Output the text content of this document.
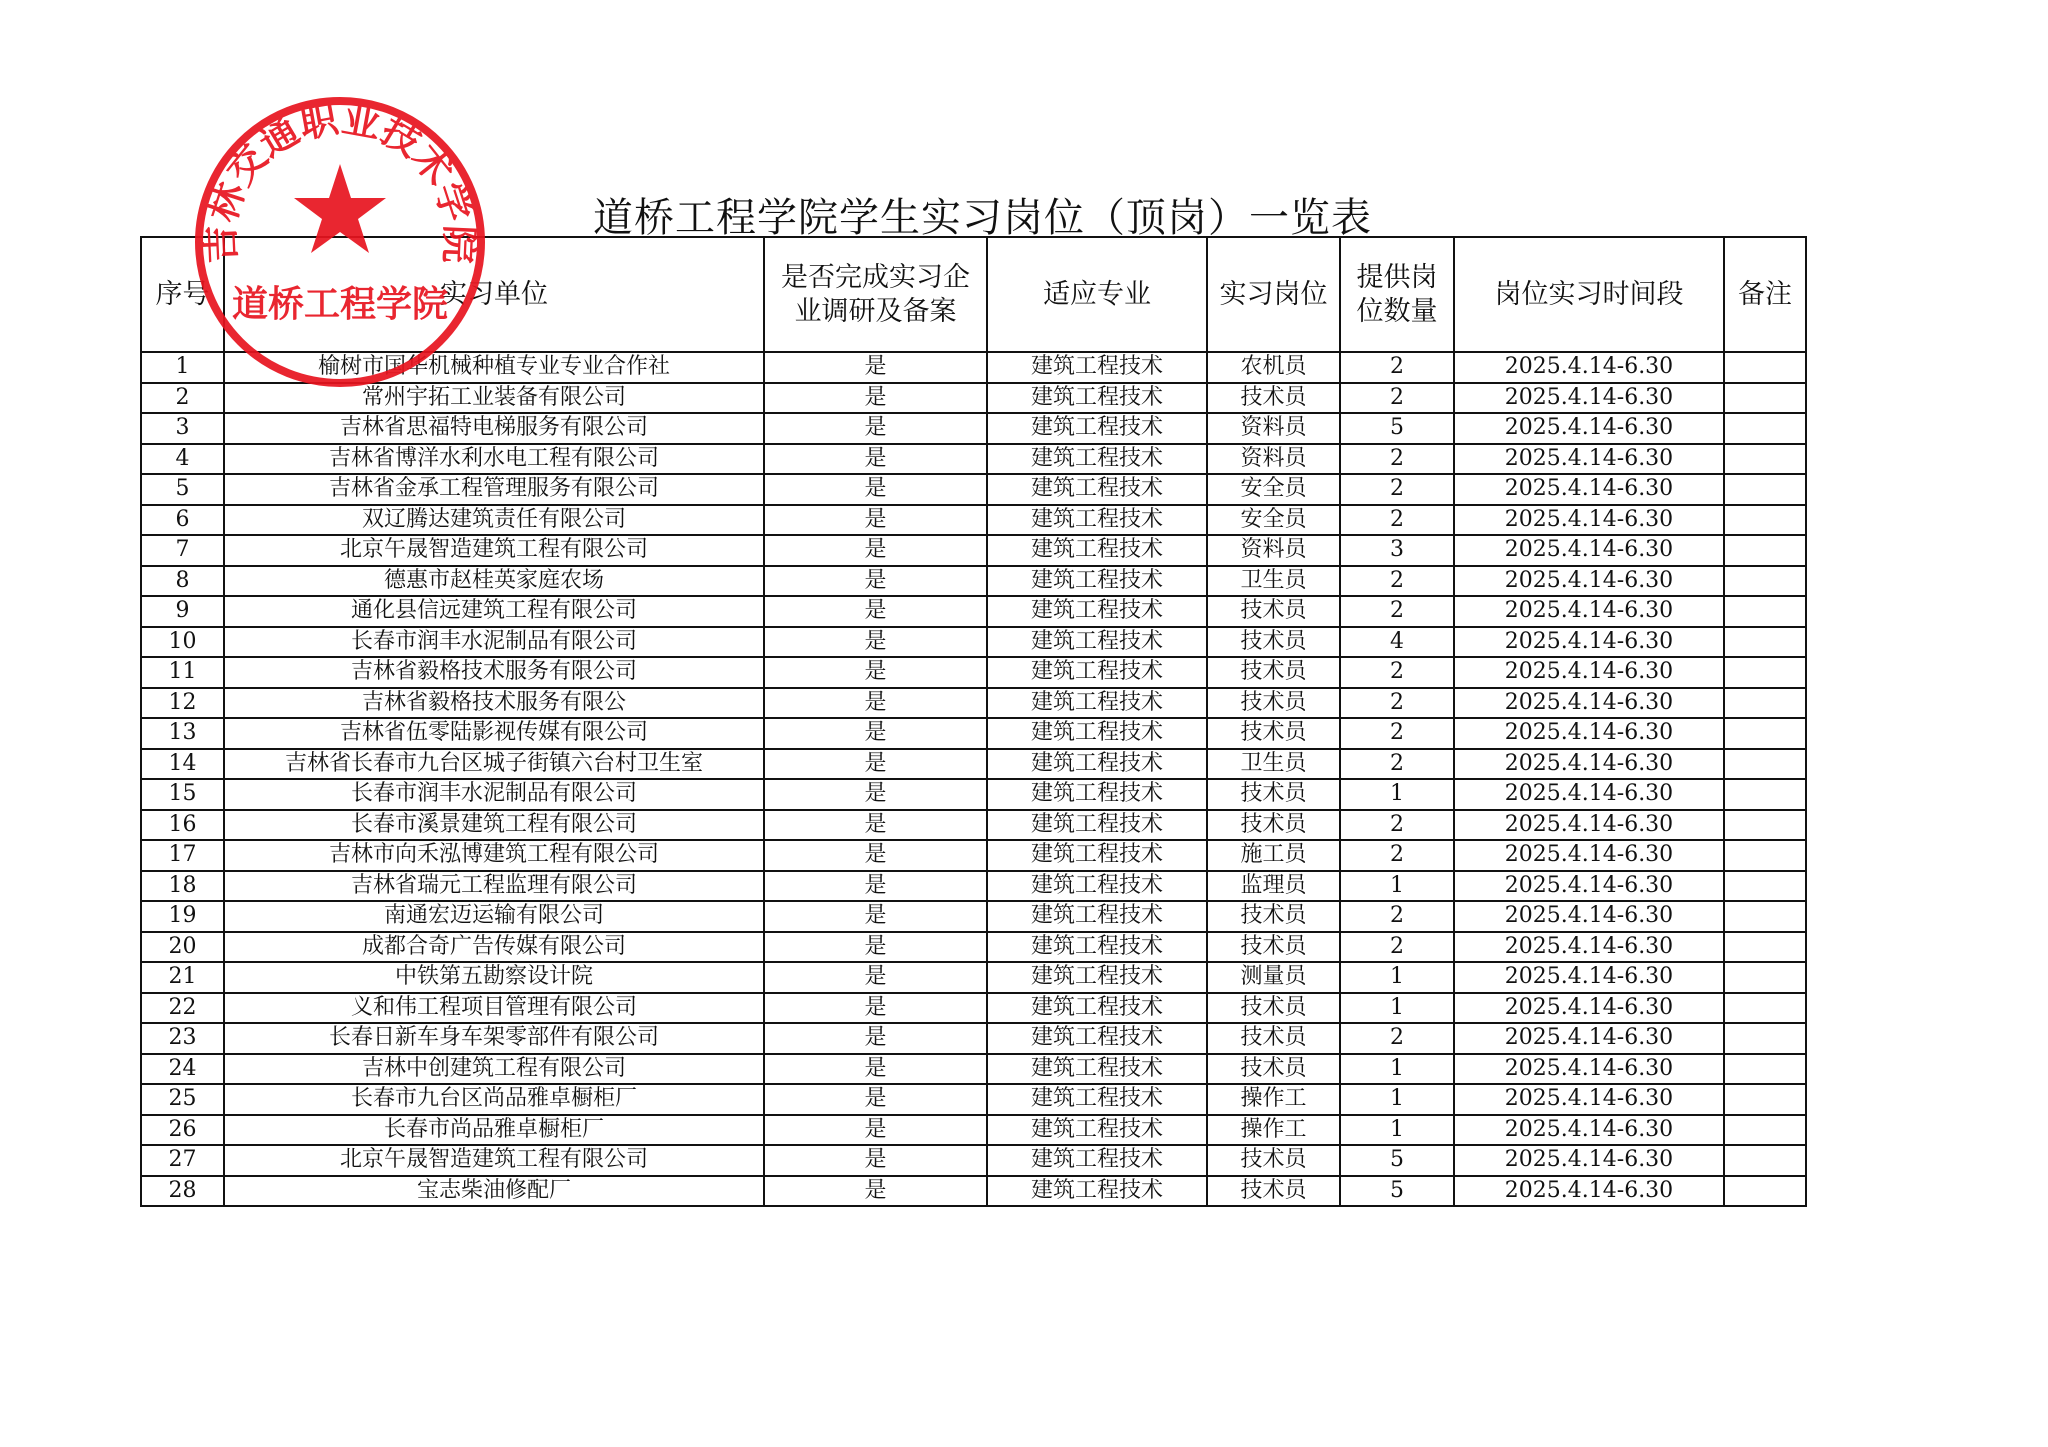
道桥工程学院学生实习岗位（顶岗）一览表
序号	实习单位	是否完成实习企业调研及备案	适应专业	实习岗位	提供岗位数量	岗位实习时间段	备注
1	榆树市国华机械种植专业专业合作社	是	建筑工程技术	农机员	2	2025.4.14-6.30	
2	常州宇拓工业装备有限公司	是	建筑工程技术	技术员	2	2025.4.14-6.30	
3	吉林省思福特电梯服务有限公司	是	建筑工程技术	资料员	5	2025.4.14-6.30	
4	吉林省博洋水利水电工程有限公司	是	建筑工程技术	资料员	2	2025.4.14-6.30	
5	吉林省金承工程管理服务有限公司	是	建筑工程技术	安全员	2	2025.4.14-6.30	
6	双辽腾达建筑责任有限公司	是	建筑工程技术	安全员	2	2025.4.14-6.30	
7	北京午晟智造建筑工程有限公司	是	建筑工程技术	资料员	3	2025.4.14-6.30	
8	德惠市赵桂英家庭农场	是	建筑工程技术	卫生员	2	2025.4.14-6.30	
9	通化县信远建筑工程有限公司	是	建筑工程技术	技术员	2	2025.4.14-6.30	
10	长春市润丰水泥制品有限公司	是	建筑工程技术	技术员	4	2025.4.14-6.30	
11	吉林省毅格技术服务有限公司	是	建筑工程技术	技术员	2	2025.4.14-6.30	
12	吉林省毅格技术服务有限公	是	建筑工程技术	技术员	2	2025.4.14-6.30	
13	吉林省伍零陆影视传媒有限公司	是	建筑工程技术	技术员	2	2025.4.14-6.30	
14	吉林省长春市九台区城子街镇六台村卫生室	是	建筑工程技术	卫生员	2	2025.4.14-6.30	
15	长春市润丰水泥制品有限公司	是	建筑工程技术	技术员	1	2025.4.14-6.30	
16	长春市溪景建筑工程有限公司	是	建筑工程技术	技术员	2	2025.4.14-6.30	
17	吉林市向禾泓博建筑工程有限公司	是	建筑工程技术	施工员	2	2025.4.14-6.30	
18	吉林省瑞元工程监理有限公司	是	建筑工程技术	监理员	1	2025.4.14-6.30	
19	南通宏迈运输有限公司	是	建筑工程技术	技术员	2	2025.4.14-6.30	
20	成都合奇广告传媒有限公司	是	建筑工程技术	技术员	2	2025.4.14-6.30	
21	中铁第五勘察设计院	是	建筑工程技术	测量员	1	2025.4.14-6.30	
22	义和伟工程项目管理有限公司	是	建筑工程技术	技术员	1	2025.4.14-6.30	
23	长春日新车身车架零部件有限公司	是	建筑工程技术	技术员	2	2025.4.14-6.30	
24	吉林中创建筑工程有限公司	是	建筑工程技术	技术员	1	2025.4.14-6.30	
25	长春市九台区尚品雅卓橱柜厂	是	建筑工程技术	操作工	1	2025.4.14-6.30	
26	长春市尚品雅卓橱柜厂	是	建筑工程技术	操作工	1	2025.4.14-6.30	
27	北京午晟智造建筑工程有限公司	是	建筑工程技术	技术员	5	2025.4.14-6.30	
28	宝志柴油修配厂	是	建筑工程技术	技术员	5	2025.4.14-6.30	
吉林交通职业技术学院
道桥工程学院
